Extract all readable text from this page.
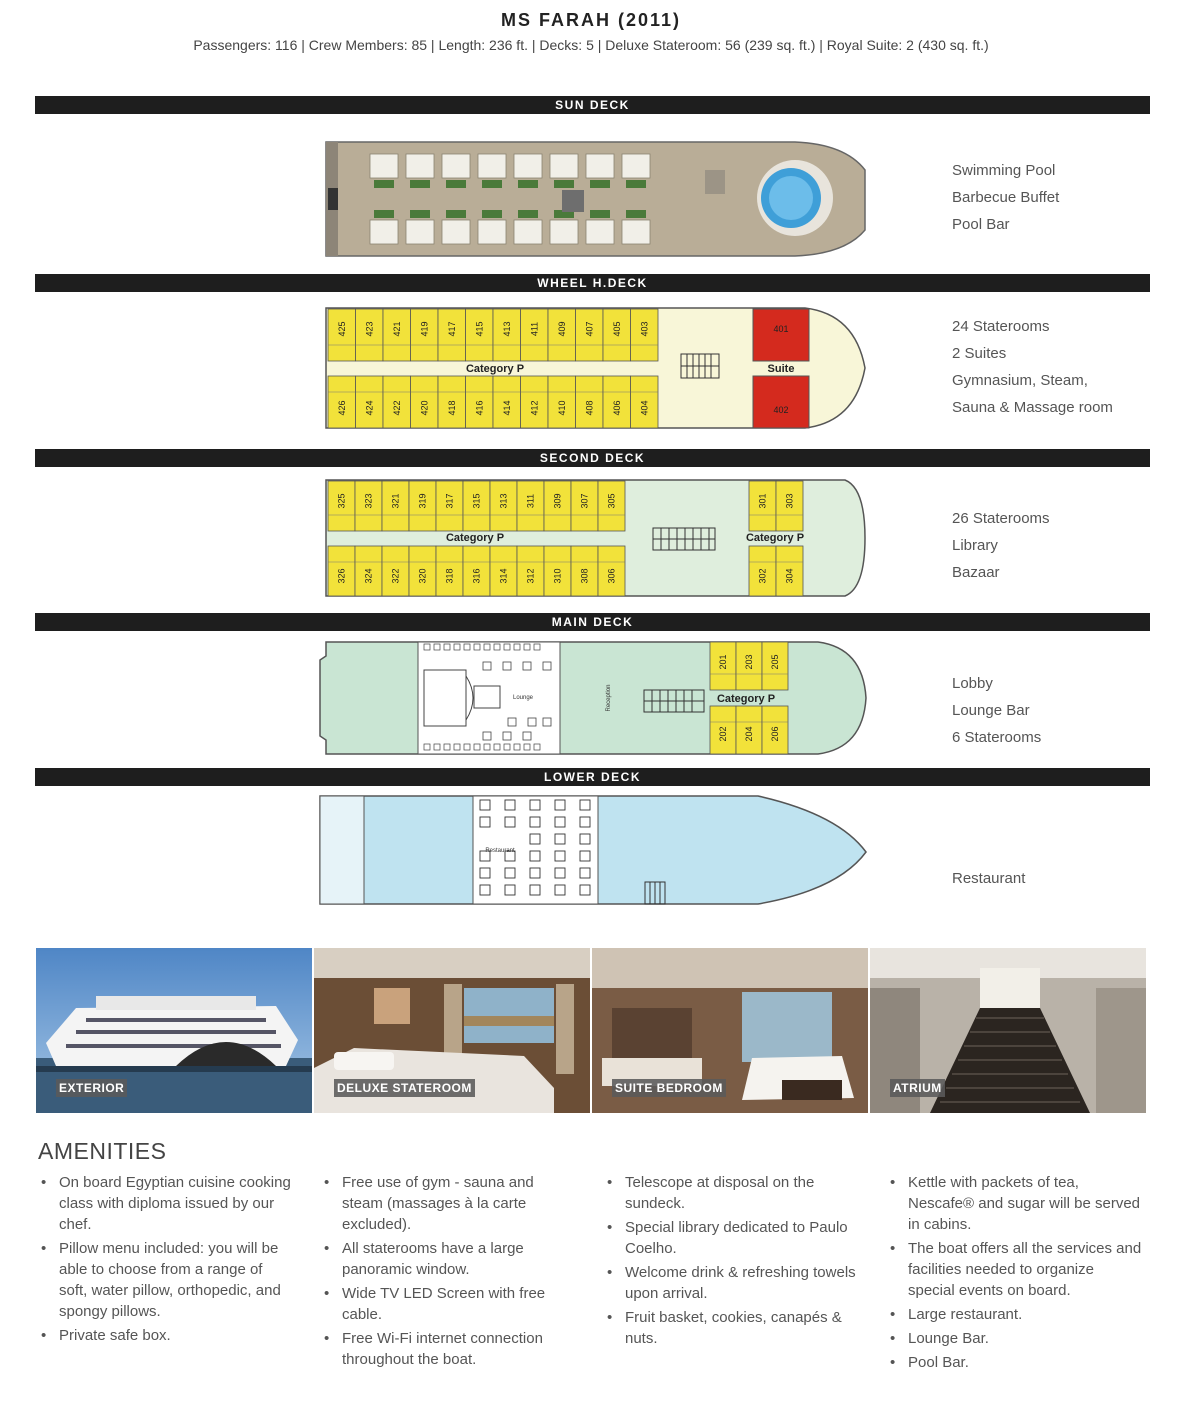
MS FARAH (2011)
Passengers: 116 | Crew Members: 85 | Length: 236 ft. | Decks: 5 | Deluxe Stateroom: 56 (239 sq. ft.) | Royal Suite: 2 (430 sq. ft.)
SUN DECK
Swimming Pool
Barbecue Buffet
Pool Bar
WHEEL H.DECK
425 423 421 419 417 415 413 411 409 407 405 403
426 424 422 420 418 416 414 412 410 408 406 404
401
402
Suite
Category P
24 Staterooms
2 Suites
Gymnasium, Steam,
Sauna & Massage room
SECOND DECK
325 323 321 319 317 315 313 311 309 307 305
326 324 322 320 318 316 314 312 310 308 306
301
302
303
304
Category P	Category P
26 Staterooms
Library
Bazaar
MAIN DECK
Lounge	Reception
201
202
203
204
205
206
Category P
Lobby
Lounge Bar
6 Staterooms
LOWER DECK
Restaurant
Restaurant
EXTERIOR	DELUXE STATEROOM	SUITE BEDROOM	ATRIUM
AMENITIES
• On board Egyptian cuisine cooking class with diploma issued by our chef.
• Pillow menu included: you will be able to choose from a range of soft, water pillow, orthopedic, and spongy pillows.
• Private safe box.
• Free use of gym - sauna and steam (massages à la carte excluded).
• All staterooms have a large panoramic window.
• Wide TV LED Screen with free cable.
• Free Wi-Fi internet connection throughout the boat.
• Telescope at disposal on the sundeck.
• Special library dedicated to Paulo Coelho.
• Welcome drink & refreshing towels upon arrival.
• Fruit basket, cookies, canapés & nuts.
• Kettle with packets of tea, Nescafe® and sugar will be served in cabins.
• The boat offers all the services and facilities needed to organize special events on board.
• Large restaurant.
• Lounge Bar.
• Pool Bar.
